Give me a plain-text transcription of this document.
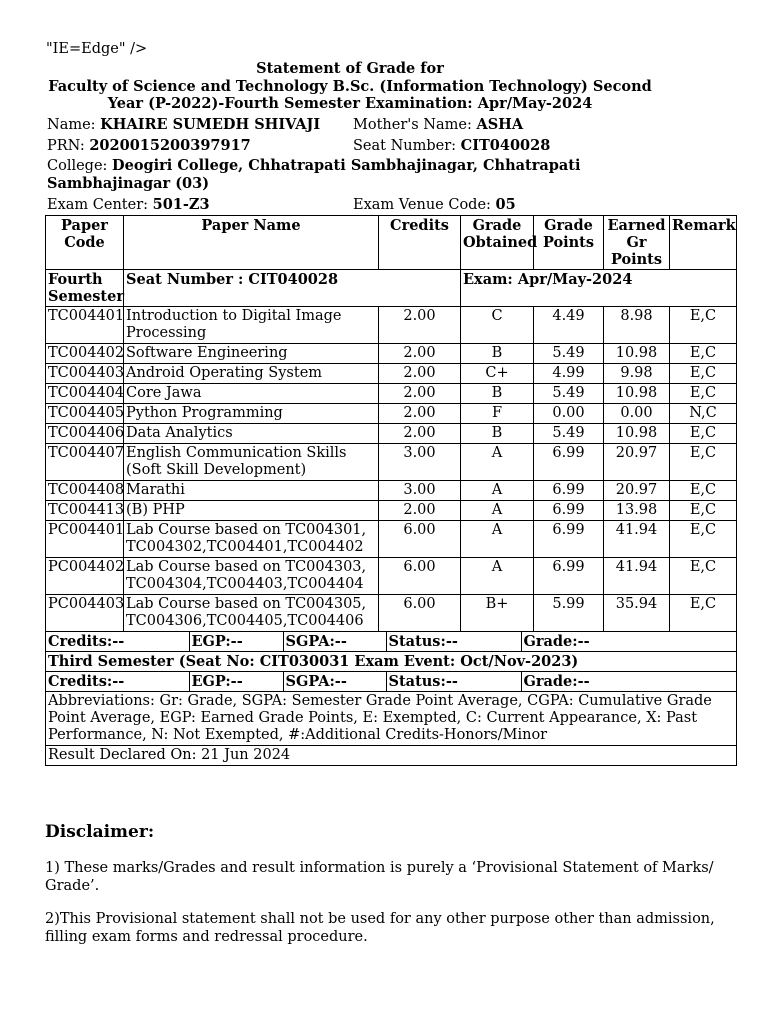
"IE=Edge" />
Statement of Grade for
Faculty of Science and Technology B.Sc. (Information Technology) Second
Year (P-2022)-Fourth Semester Examination: Apr/May-2024
Name: KHAIRE SUMEDH SHIVAJI Mother's Name: ASHA
PRN: 2020015200397917	Seat Number: CIT040028
College: Deogiri College, Chhatrapati Sambhajinagar, Chhatrapati
Sambhajinagar (03)
Exam Center: 501-Z3	Exam Venue Code: 05
Paper Code	Paper Name	Credits	Grade Obtained	Grade Points	Earned Gr Points	Remark
Fourth Semester	Seat Number : CIT040028	Exam: Apr/May-2024
TC004401	Introduction to Digital Image Processing	2.00	C	4.49	8.98	E,C
TC004402	Software Engineering	2.00	B	5.49	10.98	E,C
TC004403	Android Operating System	2.00	C+	4.99	9.98	E,C
TC004404	Core Jawa	2.00	B	5.49	10.98	E,C
TC004405	Python Programming	2.00	F	0.00	0.00	N,C
TC004406	Data Analytics	2.00	B	5.49	10.98	E,C
TC004407	English Communication Skills (Soft Skill Development)	3.00	A	6.99	20.97	E,C
TC004408	Marathi	3.00	A	6.99	20.97	E,C
TC004413	(B) PHP	2.00	A	6.99	13.98	E,C
PC004401	Lab Course based on TC004301, TC004302,TC004401,TC004402	6.00	A	6.99	41.94	E,C
PC004402	Lab Course based on TC004303, TC004304,TC004403,TC004404	6.00	A	6.99	41.94	E,C
PC004403	Lab Course based on TC004305, TC004306,TC004405,TC004406	6.00	B+	5.99	35.94	E,C

Credits:--	EGP:--	SGPA:--	Status:--	Grade:--

Third Semester (Seat No: CIT030031 Exam Event: Oct/Nov-2023)

Credits:--	EGP:--	SGPA:--	Status:--	Grade:--

Abbreviations: Gr: Grade, SGPA: Semester Grade Point Average, CGPA: Cumulative Grade Point Average, EGP: Earned Grade Points, E: Exempted, C: Current Appearance, X: Past Performance, N: Not Exempted, #:Additional Credits-Honors/Minor
Result Declared On: 21 Jun 2024
Disclaimer:
1) These marks/Grades and result information is purely a ‘Provisional Statement of Marks/ Grade’.
2)This Provisional statement shall not be used for any other purpose other than admission, filling exam forms and redressal procedure.
